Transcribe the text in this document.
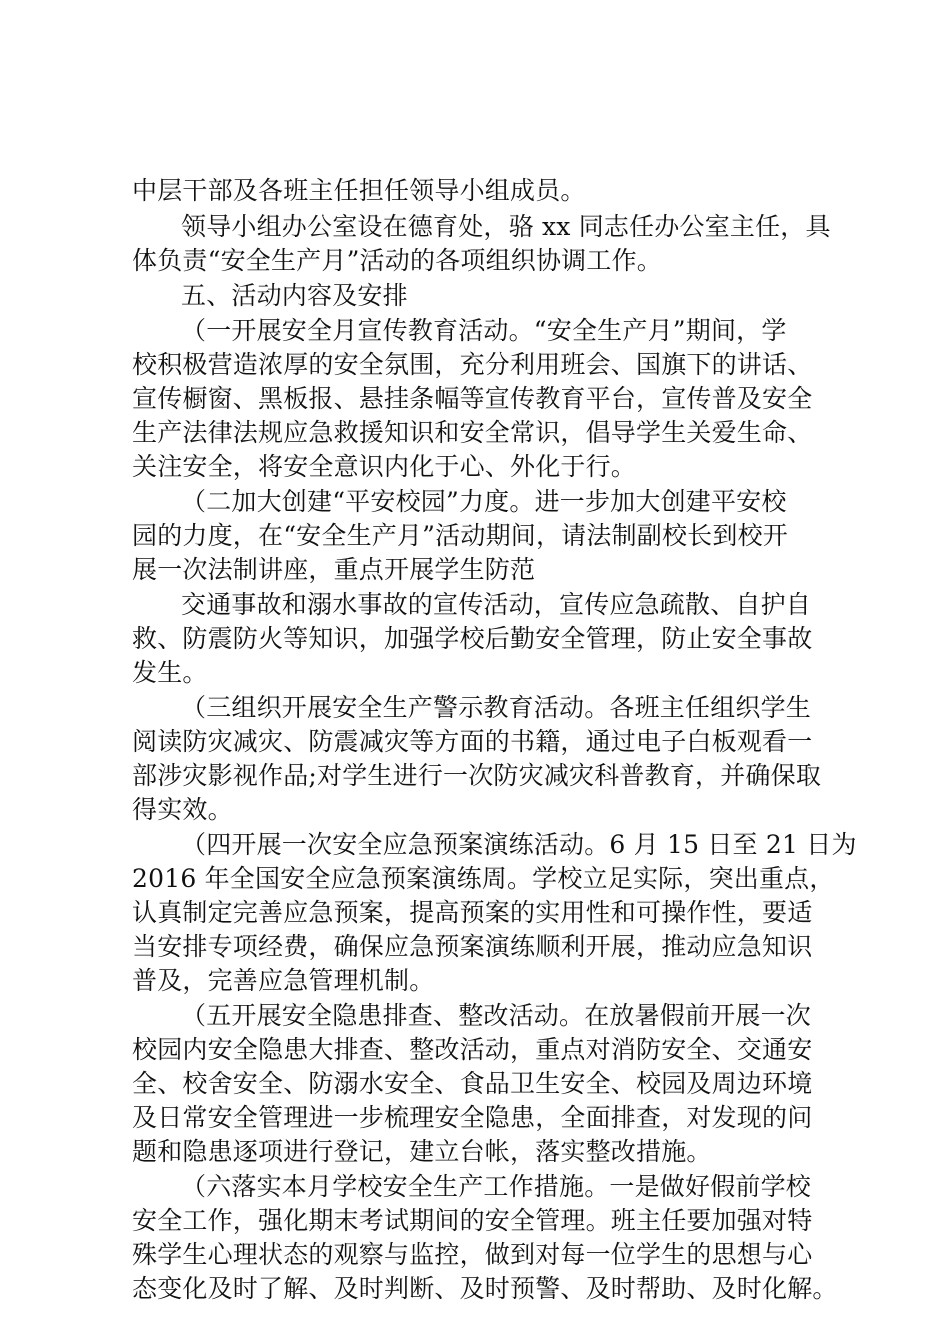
中层干部及各班主任担任领导小组成员。
领导小组办公室设在德育处，骆 xx 同志任办公室主任，具
体负责“安全生产月”活动的各项组织协调工作。
五、活动内容及安排
（一开展安全月宣传教育活动。“安全生产月”期间，学
校积极营造浓厚的安全氛围，充分利用班会、国旗下的讲话、
宣传橱窗、黑板报、悬挂条幅等宣传教育平台，宣传普及安全
生产法律法规应急救援知识和安全常识，倡导学生关爱生命、
关注安全，将安全意识内化于心、外化于行。
（二加大创建“平安校园”力度。进一步加大创建平安校
园的力度，在“安全生产月”活动期间，请法制副校长到校开
展一次法制讲座，重点开展学生防范
交通事故和溺水事故的宣传活动，宣传应急疏散、自护自
救、防震防火等知识，加强学校后勤安全管理，防止安全事故
发生。
（三组织开展安全生产警示教育活动。各班主任组织学生
阅读防灾减灾、防震减灾等方面的书籍，通过电子白板观看一
部涉灾影视作品;对学生进行一次防灾减灾科普教育，并确保取
得实效。
（四开展一次安全应急预案演练活动。6 月 15 日至 21 日为
2016 年全国安全应急预案演练周。学校立足实际，突出重点，
认真制定完善应急预案，提高预案的实用性和可操作性，要适
当安排专项经费，确保应急预案演练顺利开展，推动应急知识
普及，完善应急管理机制。
（五开展安全隐患排查、整改活动。在放暑假前开展一次
校园内安全隐患大排查、整改活动，重点对消防安全、交通安
全、校舍安全、防溺水安全、食品卫生安全、校园及周边环境
及日常安全管理进一步梳理安全隐患，全面排查，对发现的问
题和隐患逐项进行登记，建立台帐，落实整改措施。
（六落实本月学校安全生产工作措施。一是做好假前学校
安全工作，强化期末考试期间的安全管理。班主任要加强对特
殊学生心理状态的观察与监控，做到对每一位学生的思想与心
态变化及时了解、及时判断、及时预警、及时帮助、及时化解。
